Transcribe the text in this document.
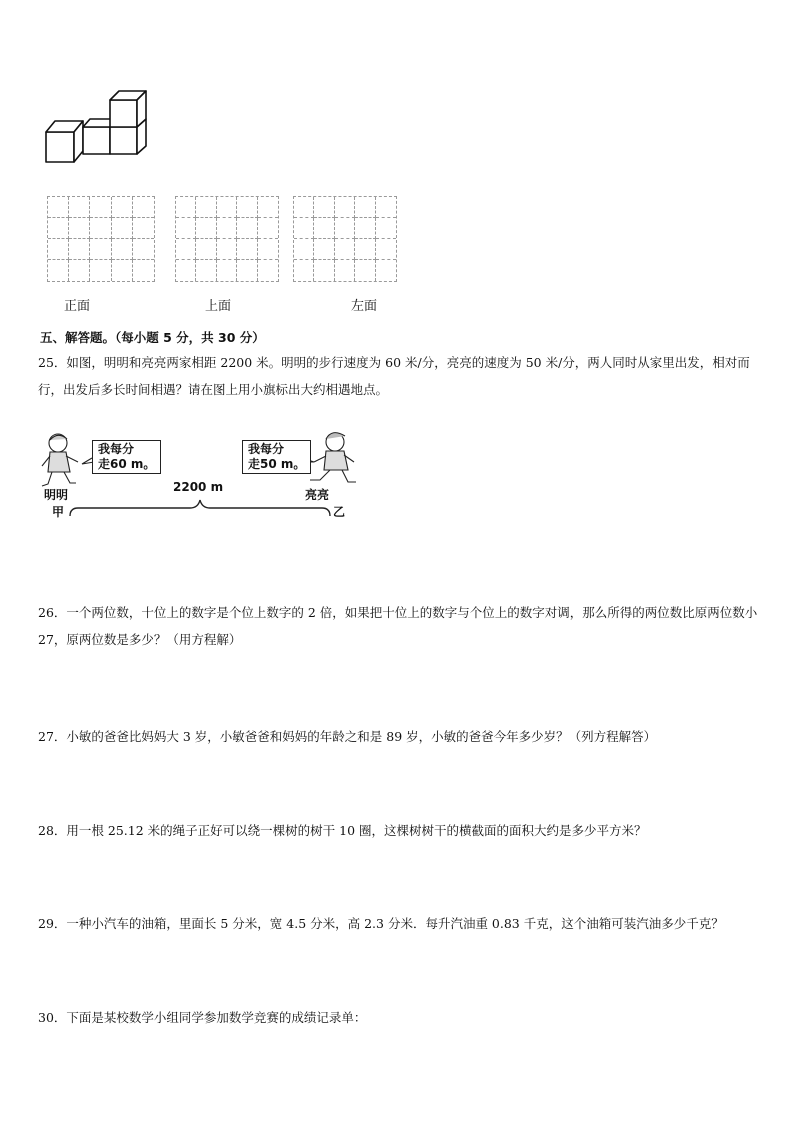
正面	上面	左面
五、解答题。（每小题 5 分，共 30 分）
25．如图，明明和亮亮两家相距 2200 米。明明的步行速度为 60 米/分，亮亮的速度为 50 米/分，两人同时从家里出发，相对而行，出发后多长时间相遇？请在图上用小旗标出大约相遇地点。
我每分
走60 m。
我每分
走50 m。
明明
甲
2200 m
亮亮
乙
26．一个两位数，十位上的数字是个位上数字的 2 倍，如果把十位上的数字与个位上的数字对调，那么所得的两位数比原两位数小 27，原两位数是多少？（用方程解）
27．小敏的爸爸比妈妈大 3 岁，小敏爸爸和妈妈的年龄之和是 89 岁，小敏的爸爸今年多少岁？（列方程解答）
28．用一根 25.12 米的绳子正好可以绕一棵树的树干 10 圈，这棵树树干的横截面的面积大约是多少平方米？
29．一种小汽车的油箱，里面长 5 分米，宽 4.5 分米，高 2.3 分米．每升汽油重 0.83 千克，这个油箱可装汽油多少千克？
30．下面是某校数学小组同学参加数学竞赛的成绩记录单：
